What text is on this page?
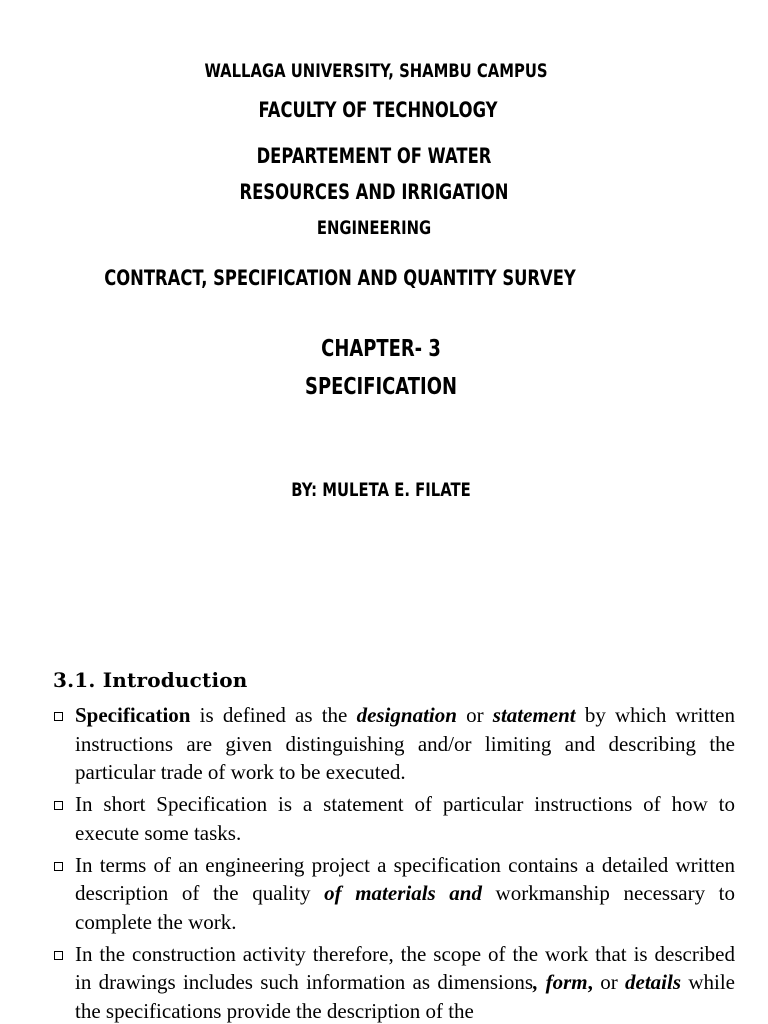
WALLAGA UNIVERSITY, SHAMBU CAMPUS
FACULTY OF TECHNOLOGY
DEPARTEMENT OF WATER
RESOURCES AND IRRIGATION
ENGINEERING
CONTRACT, SPECIFICATION AND QUANTITY SURVEY
CHAPTER- 3
SPECIFICATION
BY: MULETA E. FILATE
3.1. Introduction
Specification is defined as the designation or statement by which written instructions are given distinguishing and/or limiting and describing the particular trade of work to be executed.
In short Specification is a statement of particular instructions of how to execute some tasks.
In terms of an engineering project a specification contains a detailed written description of the quality of materials and workmanship necessary to complete the work.
In the construction activity therefore, the scope of the work that is described in drawings includes such information as dimensions, form, or details while the specifications provide the description of the
